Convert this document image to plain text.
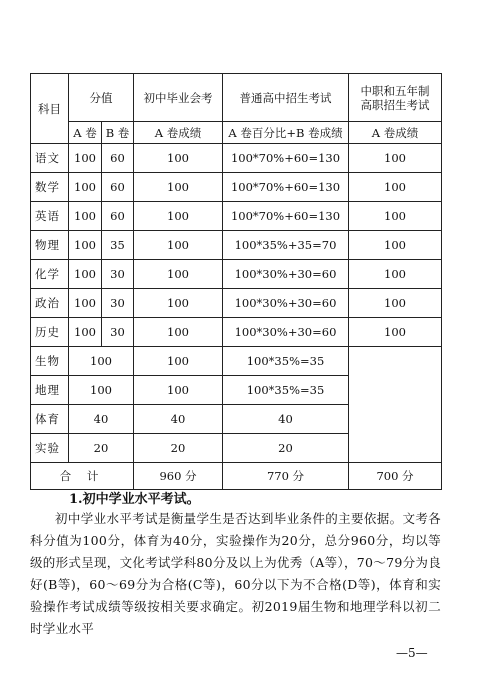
科目	分值		初中毕业会考	普通高中招生考试	中职和五年制高职招生考试
	A 卷	B 卷	A 卷成绩	A 卷百分比+B 卷成绩	A 卷成绩
语文	100	60	100	100*70%+60=130	100
数学	100	60	100	100*70%+60=130	100
英语	100	60	100	100*70%+60=130	100
物理	100	35	100	100*35%+35=70	100
化学	100	30	100	100*30%+30=60	100
政治	100	30	100	100*30%+30=60	100
历史	100	30	100	100*30%+30=60	100
生物	100		100	100*35%=35	
地理	100		100	100*35%=35	
体育	40		40	40	
实验	20		20	20	
合 计			960 分	770 分	700 分
1.初中学业水平考试。

初中学业水平考试是衡量学生是否达到毕业条件的主要依据。文考各科分值为100分，体育为40分，实验操作为20分，总分960分，均以等级的形式呈现，文化考试学科80分及以上为优秀（A等），70～79分为良好(B等)，60～69分为合格(C等)，60分以下为不合格(D等)，体育和实验操作考试成绩等级按相关要求确定。初2019届生物和地理学科以初二时学业水平

—5—
